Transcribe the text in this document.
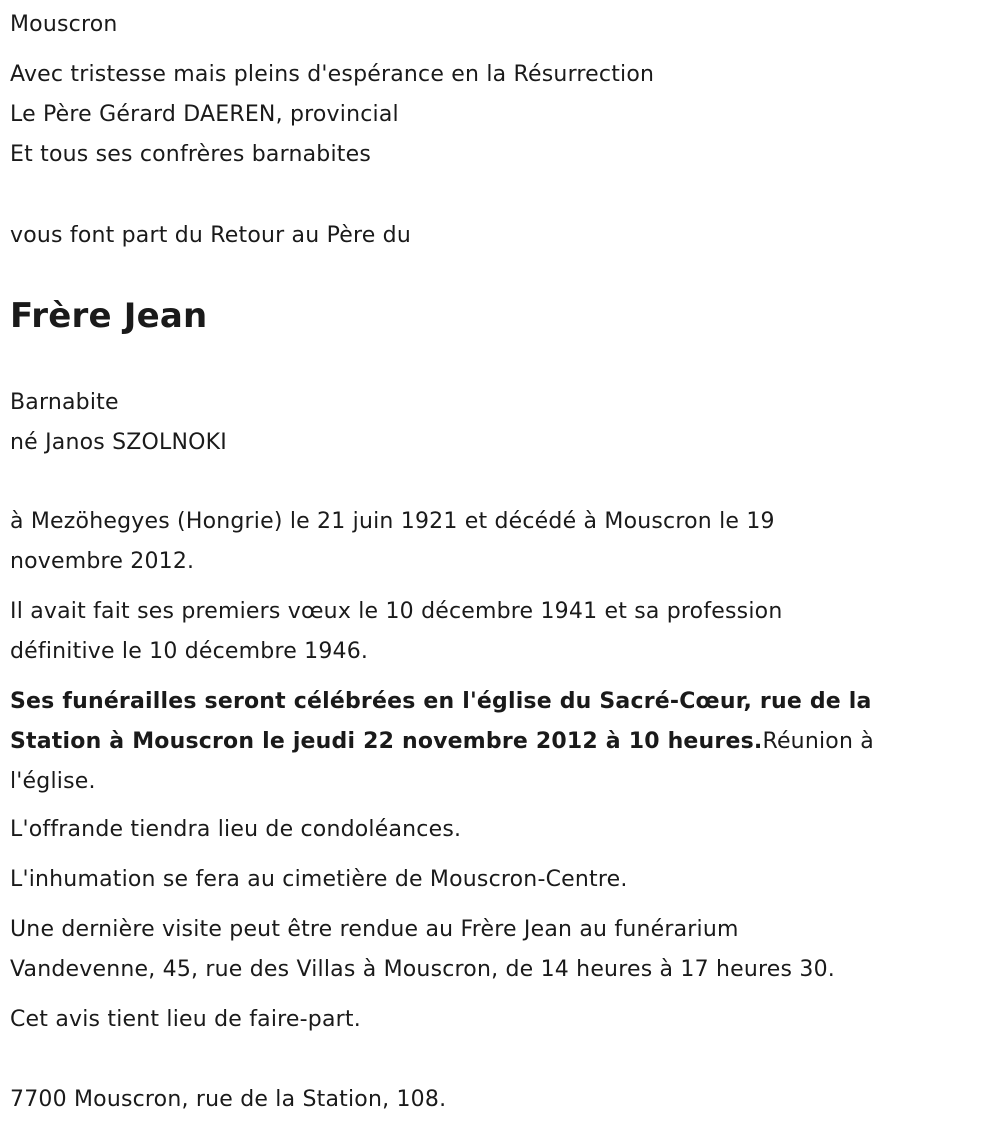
Mouscron
Avec tristesse mais pleins d'espérance en la Résurrection
Le Père Gérard DAEREN, provincial
Et tous ses confrères barnabites
vous font part du Retour au Père du
Frère Jean
Barnabite
né Janos SZOLNOKI
à Mezöhegyes (Hongrie) le 21 juin 1921 et décédé à Mouscron le 19
novembre 2012.
Il avait fait ses premiers vœux le 10 décembre 1941 et sa profession
définitive le 10 décembre 1946.
Ses funérailles seront célébrées en l'église du Sacré-Cœur, rue de la
Station à Mouscron le jeudi 22 novembre 2012 à 10 heures.Réunion à
l'église.
L'offrande tiendra lieu de condoléances.
L'inhumation se fera au cimetière de Mouscron-Centre.
Une dernière visite peut être rendue au Frère Jean au funérarium
Vandevenne, 45, rue des Villas à Mouscron, de 14 heures à 17 heures 30.
Cet avis tient lieu de faire-part.
7700 Mouscron, rue de la Station, 108.
